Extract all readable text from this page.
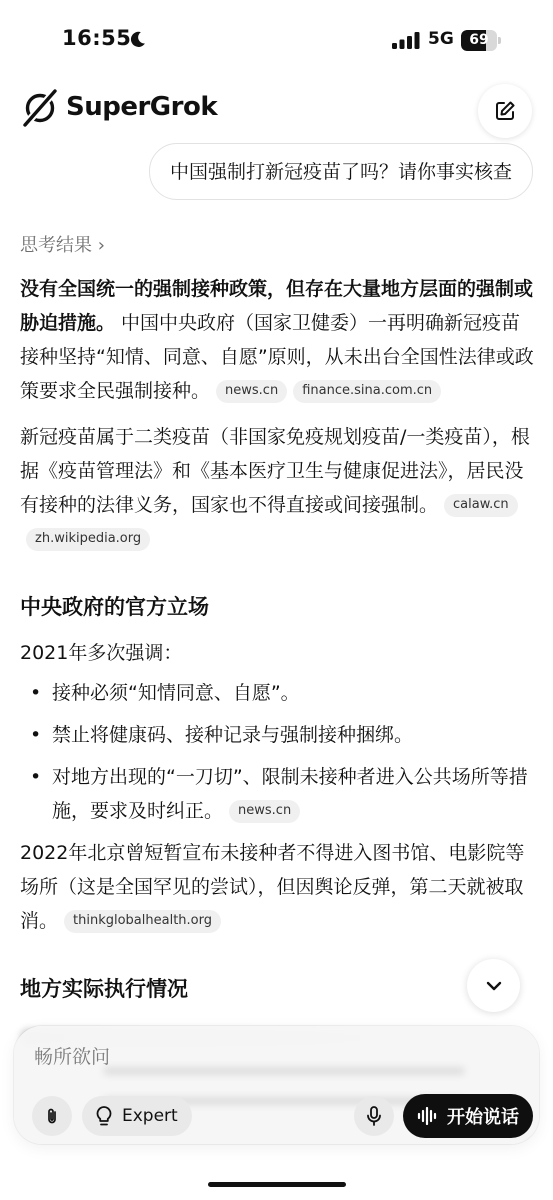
16:55	5G	69
SuperGrok
中国强制打新冠疫苗了吗？请你事实核查
思考结果 ›

没有全国统一的强制接种政策，但存在大量地方层面的强制或胁迫措施。 中国中央政府（国家卫健委）一再明确新冠疫苗接种坚持“知情、同意、自愿”原则，从未出台全国性法律或政策要求全民强制接种。 news.cn finance.sina.com.cn

新冠疫苗属于二类疫苗（非国家免疫规划疫苗/一类疫苗），根据《疫苗管理法》和《基本医疗卫生与健康促进法》，居民没有接种的法律义务，国家也不得直接或间接强制。 calaw.cnzh.wikipedia.org

中央政府的官方立场

2021年多次强调：

• 接种必须“知情同意、自愿”。
• 禁止将健康码、接种记录与强制接种捆绑。
• 对地方出现的“一刀切”、限制未接种者进入公共场所等措施，要求及时纠正。 news.cn

2022年北京曾短暂宣布未接种者不得进入图书馆、电影院等场所（这是全国罕见的尝试），但因舆论反弹，第二天就被取消。 thinkglobalhealth.org

地方实际执行情况
畅所欲问
Expert	开始说话
